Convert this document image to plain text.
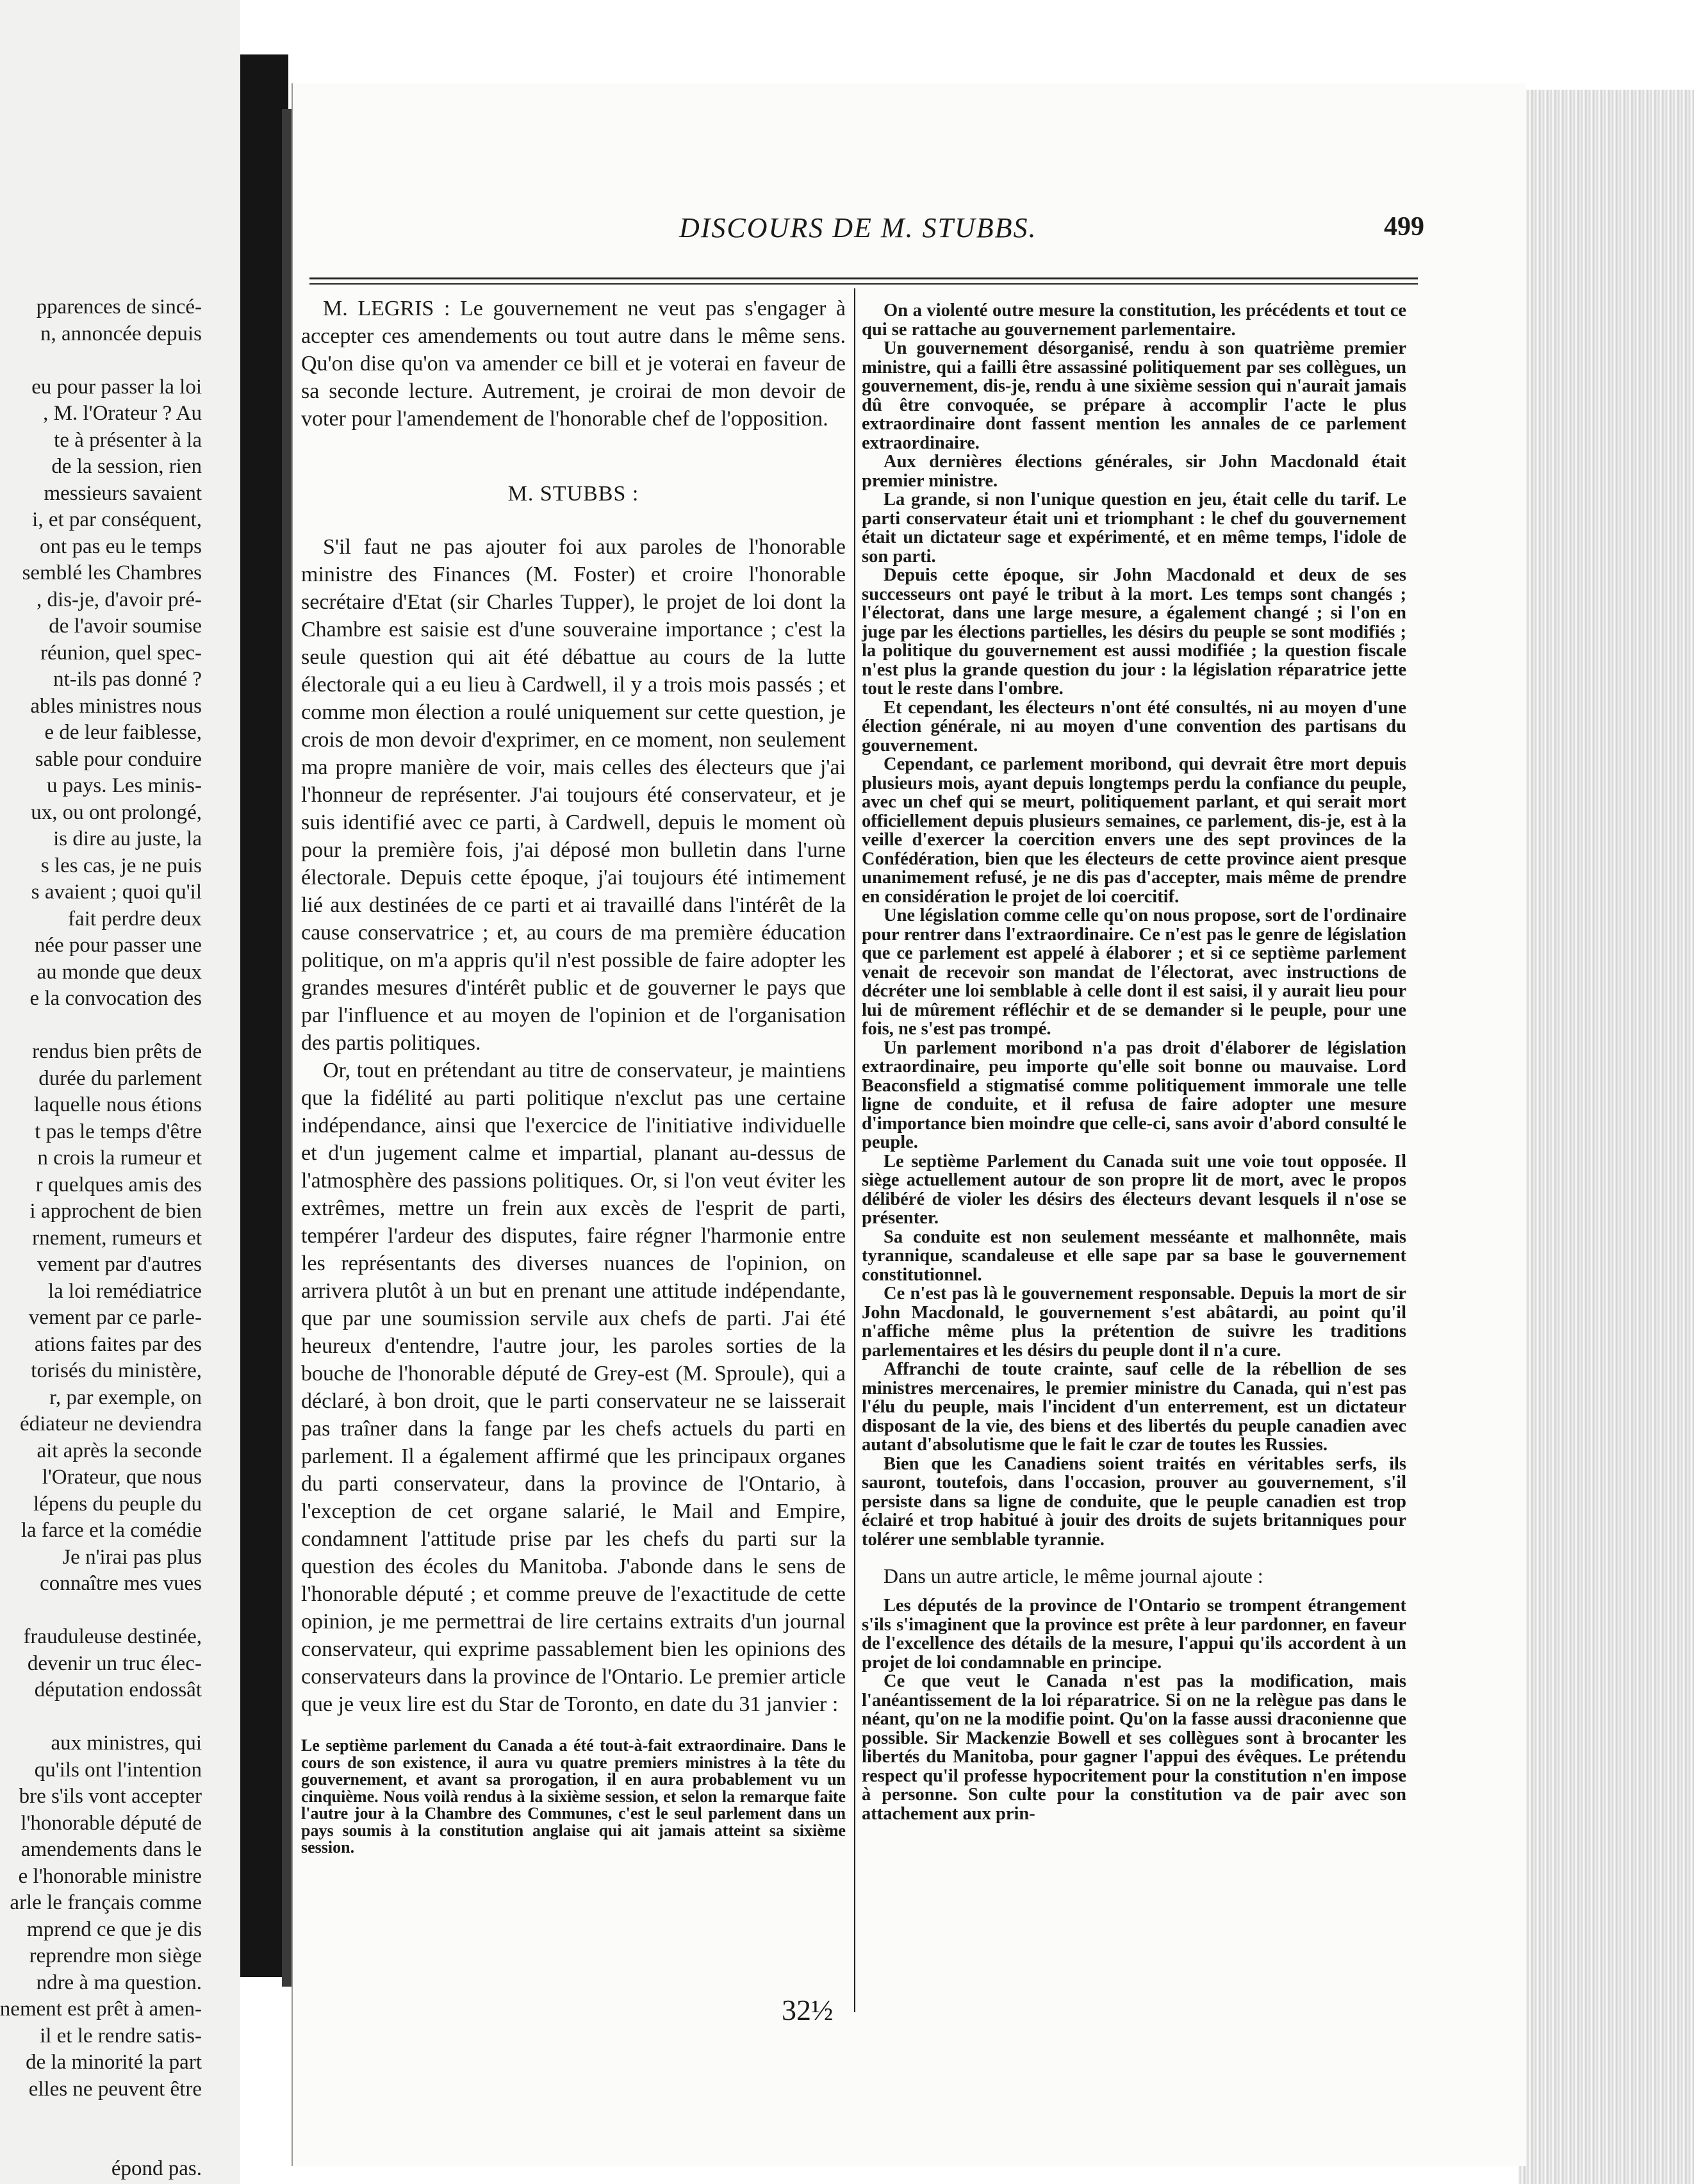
pparences de sincé-
n, annoncée depuis
eu pour passer la loi
, M. l'Orateur ? Au
te à présenter à la
de la session, rien
messieurs savaient
i, et par conséquent,
ont pas eu le temps
semblé les Chambres
, dis-je, d'avoir pré-
de l'avoir soumise
réunion, quel spec-
nt-ils pas donné ?
ables ministres nous
e de leur faiblesse,
sable pour conduire
u pays. Les minis-
ux, ou ont prolongé,
is dire au juste, la
s les cas, je ne puis
s avaient ; quoi qu'il
fait perdre deux
née pour passer une
au monde que deux
e la convocation des
rendus bien prêts de
durée du parlement
laquelle nous étions
t pas le temps d'être
n crois la rumeur et
r quelques amis des
i approchent de bien
rnement, rumeurs et
vement par d'autres
la loi remédiatrice
vement par ce parle-
ations faites par des
torisés du ministère,
r, par exemple, on
édiateur ne deviendra
ait après la seconde
l'Orateur, que nous
lépens du peuple du
la farce et la comédie
Je n'irai pas plus
connaître mes vues
frauduleuse destinée,
devenir un truc élec-
députation endossât
aux ministres, qui
qu'ils ont l'intention
bre s'ils vont accepter
l'honorable député de
amendements dans le
e l'honorable ministre
arle le français comme
mprend ce que je dis
reprendre mon siège
ndre à ma question.
nement est prêt à amen-
il et le rendre satis-
de la minorité la part
elles ne peuvent être
épond pas.
DISCOURS DE M. STUBBS.	499

M. LEGRIS : Le gouvernement ne veut pas s'engager à accepter ces amendements ou tout autre dans le même sens. Qu'on dise qu'on va amender ce bill et je voterai en faveur de sa seconde lecture. Autrement, je croirai de mon devoir de voter pour l'amendement de l'honorable chef de l'opposition.

M. STUBBS :

S'il faut ne pas ajouter foi aux paroles de l'honorable ministre des Finances (M. Foster) et croire l'honorable secrétaire d'Etat (sir Charles Tupper), le projet de loi dont la Chambre est saisie est d'une souveraine importance ; c'est la seule question qui ait été débattue au cours de la lutte électorale qui a eu lieu à Cardwell, il y a trois mois passés ; et comme mon élection a roulé uniquement sur cette question, je crois de mon devoir d'exprimer, en ce moment, non seulement ma propre manière de voir, mais celles des électeurs que j'ai l'honneur de représenter. J'ai toujours été conservateur, et je suis identifié avec ce parti, à Cardwell, depuis le moment où pour la première fois, j'ai déposé mon bulletin dans l'urne électorale. Depuis cette époque, j'ai toujours été intimement lié aux destinées de ce parti et ai travaillé dans l'intérêt de la cause conservatrice ; et, au cours de ma première éducation politique, on m'a appris qu'il n'est possible de faire adopter les grandes mesures d'intérêt public et de gouverner le pays que par l'influence et au moyen de l'opinion et de l'organisation des partis politiques.

Or, tout en prétendant au titre de conservateur, je maintiens que la fidélité au parti politique n'exclut pas une certaine indépendance, ainsi que l'exercice de l'initiative individuelle et d'un jugement calme et impartial, planant au-dessus de l'atmosphère des passions politiques. Or, si l'on veut éviter les extrêmes, mettre un frein aux excès de l'esprit de parti, tempérer l'ardeur des disputes, faire régner l'harmonie entre les représentants des diverses nuances de l'opinion, on arrivera plutôt à un but en prenant une attitude indépendante, que par une soumission servile aux chefs de parti. J'ai été heureux d'entendre, l'autre jour, les paroles sorties de la bouche de l'honorable député de Grey-est (M. Sproule), qui a déclaré, à bon droit, que le parti conservateur ne se laisserait pas traîner dans la fange par les chefs actuels du parti en parlement. Il a également affirmé que les principaux organes du parti conservateur, dans la province de l'Ontario, à l'exception de cet organe salarié, le Mail and Empire, condamnent l'attitude prise par les chefs du parti sur la question des écoles du Manitoba. J'abonde dans le sens de l'honorable député ; et comme preuve de l'exactitude de cette opinion, je me permettrai de lire certains extraits d'un journal conservateur, qui exprime passablement bien les opinions des conservateurs dans la province de l'Ontario. Le premier article que je veux lire est du Star de Toronto, en date du 31 janvier :

Le septième parlement du Canada a été tout-à-fait extraordinaire. Dans le cours de son existence, il aura vu quatre premiers ministres à la tête du gouvernement, et avant sa prorogation, il en aura probablement vu un cinquième. Nous voilà rendus à la sixième session, et selon la remarque faite l'autre jour à la Chambre des Communes, c'est le seul parlement dans un pays soumis à la constitution anglaise qui ait jamais atteint sa sixième session.

On a violenté outre mesure la constitution, les précédents et tout ce qui se rattache au gouvernement parlementaire.

Un gouvernement désorganisé, rendu à son quatrième premier ministre, qui a failli être assassiné politiquement par ses collègues, un gouvernement, dis-je, rendu à une sixième session qui n'aurait jamais dû être convoquée, se prépare à accomplir l'acte le plus extraordinaire dont fassent mention les annales de ce parlement extraordinaire.

Aux dernières élections générales, sir John Macdonald était premier ministre.

La grande, si non l'unique question en jeu, était celle du tarif. Le parti conservateur était uni et triomphant : le chef du gouvernement était un dictateur sage et expérimenté, et en même temps, l'idole de son parti.

Depuis cette époque, sir John Macdonald et deux de ses successeurs ont payé le tribut à la mort. Les temps sont changés ; l'électorat, dans une large mesure, a également changé ; si l'on en juge par les élections partielles, les désirs du peuple se sont modifiés ; la politique du gouvernement est aussi modifiée ; la question fiscale n'est plus la grande question du jour : la législation réparatrice jette tout le reste dans l'ombre.

Et cependant, les électeurs n'ont été consultés, ni au moyen d'une élection générale, ni au moyen d'une convention des partisans du gouvernement.

Cependant, ce parlement moribond, qui devrait être mort depuis plusieurs mois, ayant depuis longtemps perdu la confiance du peuple, avec un chef qui se meurt, politiquement parlant, et qui serait mort officiellement depuis plusieurs semaines, ce parlement, dis-je, est à la veille d'exercer la coercition envers une des sept provinces de la Confédération, bien que les électeurs de cette province aient presque unanimement refusé, je ne dis pas d'accepter, mais même de prendre en considération le projet de loi coercitif.

Une législation comme celle qu'on nous propose, sort de l'ordinaire pour rentrer dans l'extraordinaire. Ce n'est pas le genre de législation que ce parlement est appelé à élaborer ; et si ce septième parlement venait de recevoir son mandat de l'électorat, avec instructions de décréter une loi semblable à celle dont il est saisi, il y aurait lieu pour lui de mûrement réfléchir et de se demander si le peuple, pour une fois, ne s'est pas trompé.

Un parlement moribond n'a pas droit d'élaborer de législation extraordinaire, peu importe qu'elle soit bonne ou mauvaise. Lord Beaconsfield a stigmatisé comme politiquement immorale une telle ligne de conduite, et il refusa de faire adopter une mesure d'importance bien moindre que celle-ci, sans avoir d'abord consulté le peuple.

Le septième Parlement du Canada suit une voie tout opposée. Il siège actuellement autour de son propre lit de mort, avec le propos délibéré de violer les désirs des électeurs devant lesquels il n'ose se présenter.

Sa conduite est non seulement messéante et malhonnête, mais tyrannique, scandaleuse et elle sape par sa base le gouvernement constitutionnel.

Ce n'est pas là le gouvernement responsable. Depuis la mort de sir John Macdonald, le gouvernement s'est abâtardi, au point qu'il n'affiche même plus la prétention de suivre les traditions parlementaires et les désirs du peuple dont il n'a cure.

Affranchi de toute crainte, sauf celle de la rébellion de ses ministres mercenaires, le premier ministre du Canada, qui n'est pas l'élu du peuple, mais l'incident d'un enterrement, est un dictateur disposant de la vie, des biens et des libertés du peuple canadien avec autant d'absolutisme que le fait le czar de toutes les Russies.

Bien que les Canadiens soient traités en véritables serfs, ils sauront, toutefois, dans l'occasion, prouver au gouvernement, s'il persiste dans sa ligne de conduite, que le peuple canadien est trop éclairé et trop habitué à jouir des droits de sujets britanniques pour tolérer une semblable tyrannie.

Dans un autre article, le même journal ajoute :

Les députés de la province de l'Ontario se trompent étrangement s'ils s'imaginent que la province est prête à leur pardonner, en faveur de l'excellence des détails de la mesure, l'appui qu'ils accordent à un projet de loi condamnable en principe.

Ce que veut le Canada n'est pas la modification, mais l'anéantissement de la loi réparatrice. Si on ne la relègue pas dans le néant, qu'on ne la modifie point. Qu'on la fasse aussi draconienne que possible. Sir Mackenzie Bowell et ses collègues sont à brocanter les libertés du Manitoba, pour gagner l'appui des évêques. Le prétendu respect qu'il professe hypocritement pour la constitution n'en impose à personne. Son culte pour la constitution va de pair avec son attachement aux prin-

32½
